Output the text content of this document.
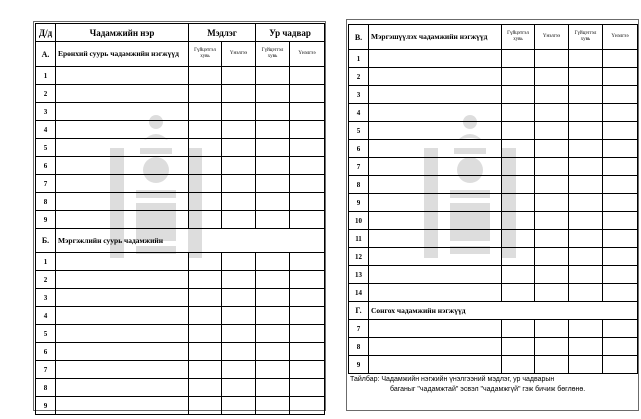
Д/д	Чадамжийн нэр	Мэдлэг		Ур чадвар	
А.	Ерөнхий суурь чадамжийн нэгжүүд	Гүйцэтгэл хувь	Үнэлгээ	Гүйцэтгэл хувь	Үнэлгээ
1					
2					
3					
4					
5					
6					
7					
8					
9					
Б.	Мэргэжлийн суурь чадамжийн				
1					
2					
3					
4					
5					
6					
7					
8					
9					
В.	Мэргэшүүлэх чадамжийн нэгжүүд	Гүйцэтгэл хувь	Үнэлгээ	Гүйцэтгэл хувь	Үнэлгээ
1					
2					
3					
4					
5					
6					
7					
8					
9					
10					
11					
12					
13					
14					
Г.	Сонгох чадамжийн нэгжүүд				
7					
8					
9					
Тайлбар: Чадамжийн нэгжийн үнэлгээний мэдлэг, ур чадварын
баганыг "чадамжтай" эсвэл "чадамжгүй" гэж бичиж бөглөнө.
